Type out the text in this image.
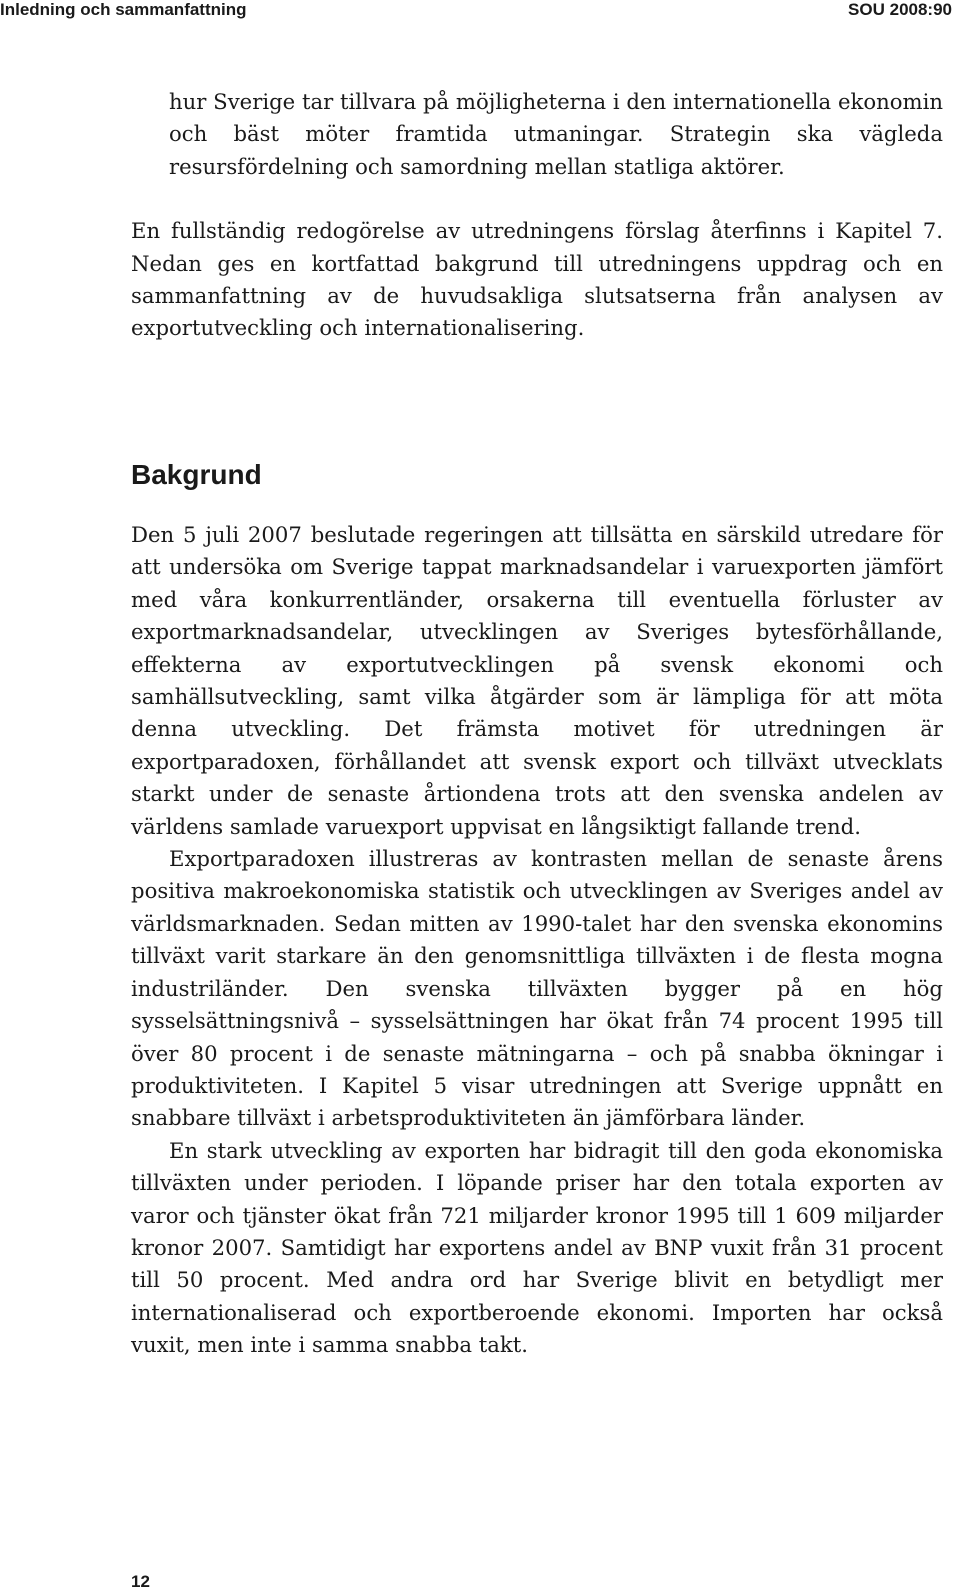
Inledning och sammanfattning	SOU 2008:90

hur Sverige tar tillvara på möjligheterna i den internationella ekonomin och bäst möter framtida utmaningar. Strategin ska vägleda resursfördelning och samordning mellan statliga aktörer.

En fullständig redogörelse av utredningens förslag återfinns i Kapitel 7. Nedan ges en kortfattad bakgrund till utredningens uppdrag och en sammanfattning av de huvudsakliga slutsatserna från analysen av exportutveckling och internationalisering.

Bakgrund

Den 5 juli 2007 beslutade regeringen att tillsätta en särskild utredare för att undersöka om Sverige tappat marknadsandelar i varuexporten jämfört med våra konkurrentländer, orsakerna till eventuella förluster av exportmarknadsandelar, utvecklingen av Sveriges bytesförhållande, effekterna av exportutvecklingen på svensk ekonomi och samhällsutveckling, samt vilka åtgärder som är lämpliga för att möta denna utveckling. Det främsta motivet för utredningen är exportparadoxen, förhållandet att svensk export och tillväxt utvecklats starkt under de senaste årtiondena trots att den svenska andelen av världens samlade varuexport uppvisat en långsiktigt fallande trend.

Exportparadoxen illustreras av kontrasten mellan de senaste årens positiva makroekonomiska statistik och utvecklingen av Sveriges andel av världsmarknaden. Sedan mitten av 1990-talet har den svenska ekonomins tillväxt varit starkare än den genomsnittliga tillväxten i de flesta mogna industriländer. Den svenska tillväxten bygger på en hög sysselsättningsnivå – sysselsättningen har ökat från 74 procent 1995 till över 80 procent i de senaste mätningarna – och på snabba ökningar i produktiviteten. I Kapitel 5 visar utredningen att Sverige uppnått en snabbare tillväxt i arbetsproduktiviteten än jämförbara länder.

En stark utveckling av exporten har bidragit till den goda ekonomiska tillväxten under perioden. I löpande priser har den totala exporten av varor och tjänster ökat från 721 miljarder kronor 1995 till 1 609 miljarder kronor 2007. Samtidigt har exportens andel av BNP vuxit från 31 procent till 50 procent. Med andra ord har Sverige blivit en betydligt mer internationaliserad och exportberoende ekonomi. Importen har också vuxit, men inte i samma snabba takt.

12
